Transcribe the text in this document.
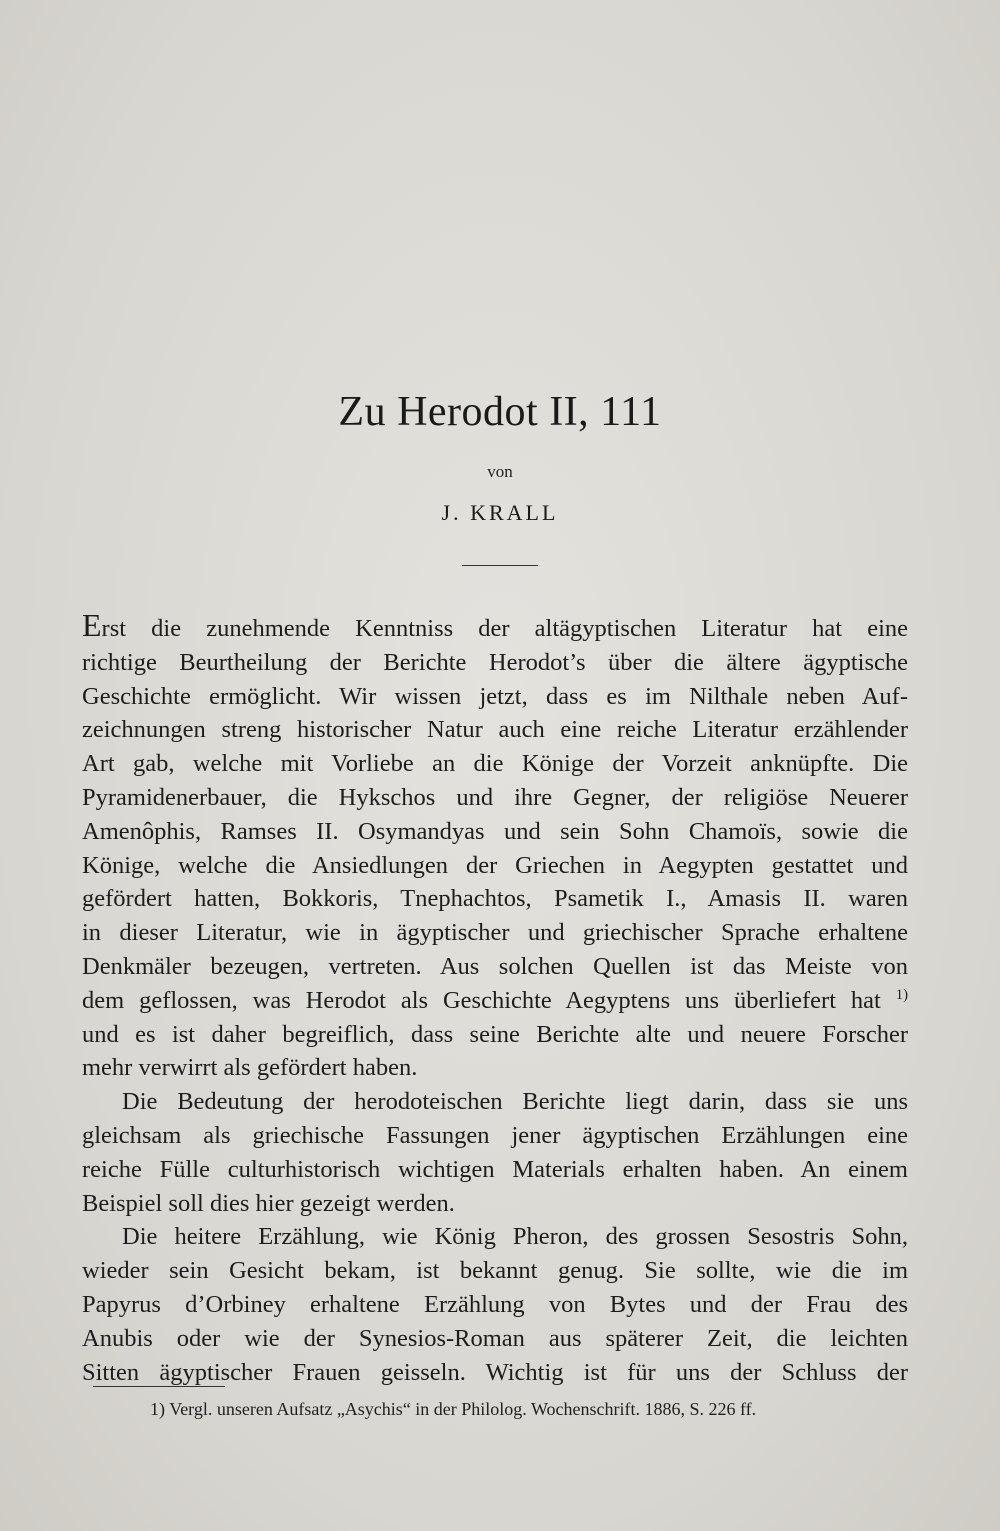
Zu Herodot II, 111
von
J. KRALL
Erst die zunehmende Kenntniss der altägyptischen Literatur hat eine
richtige Beurtheilung der Berichte Herodot’s über die ältere ägyptische
Geschichte ermöglicht. Wir wissen jetzt, dass es im Nilthale neben Auf-
zeichnungen streng historischer Natur auch eine reiche Literatur erzählender
Art gab, welche mit Vorliebe an die Könige der Vorzeit anknüpfte. Die
Pyramidenerbauer, die Hykschos und ihre Gegner, der religiöse Neuerer
Amenôphis, Ramses II. Osymandyas und sein Sohn Chamoïs, sowie die
Könige, welche die Ansiedlungen der Griechen in Aegypten gestattet und
gefördert hatten, Bokkoris, Tnephachtos, Psametik I., Amasis II. waren
in dieser Literatur, wie in ägyptischer und griechischer Sprache erhaltene
Denkmäler bezeugen, vertreten. Aus solchen Quellen ist das Meiste von
dem geflossen, was Herodot als Geschichte Aegyptens uns überliefert hat $^{1)}$
und es ist daher begreiflich, dass seine Berichte alte und neuere Forscher
mehr verwirrt als gefördert haben.
Die Bedeutung der herodoteischen Berichte liegt darin, dass sie uns
gleichsam als griechische Fassungen jener ägyptischen Erzählungen eine
reiche Fülle culturhistorisch wichtigen Materials erhalten haben. An einem
Beispiel soll dies hier gezeigt werden.
Die heitere Erzählung, wie König Pheron, des grossen Sesostris Sohn,
wieder sein Gesicht bekam, ist bekannt genug. Sie sollte, wie die im
Papyrus d’Orbiney erhaltene Erzählung von Bytes und der Frau des
Anubis oder wie der Synesios-Roman aus späterer Zeit, die leichten
Sitten ägyptischer Frauen geisseln. Wichtig ist für uns der Schluss der
1) Vergl. unseren Aufsatz „Asychis“ in der Philolog. Wochenschrift. 1886, S. 226 ff.
